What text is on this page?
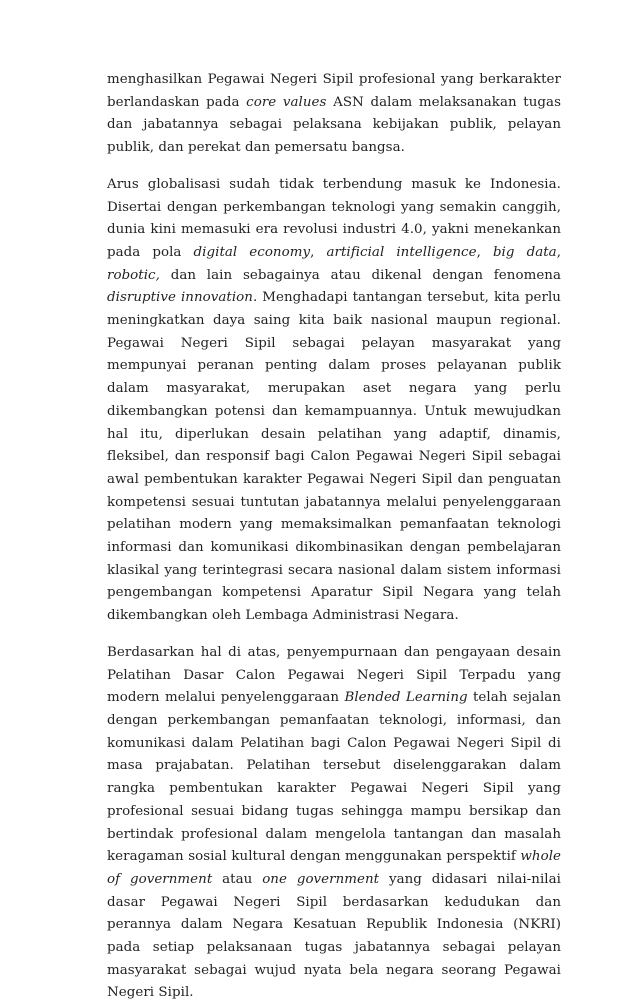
menghasilkan Pegawai Negeri Sipil profesional yang berkarakter berlandaskan pada core values ASN dalam melaksanakan tugas dan jabatannya sebagai pelaksana kebijakan publik, pelayan publik, dan perekat dan pemersatu bangsa.

Arus globalisasi sudah tidak terbendung masuk ke Indonesia. Disertai dengan perkembangan teknologi yang semakin canggih, dunia kini memasuki era revolusi industri 4.0, yakni menekankan pada pola digital economy, artificial intelligence, big data, robotic, dan lain sebagainya atau dikenal dengan fenomena disruptive innovation. Menghadapi tantangan tersebut, kita perlu meningkatkan daya saing kita baik nasional maupun regional. Pegawai Negeri Sipil sebagai pelayan masyarakat yang mempunyai peranan penting dalam proses pelayanan publik dalam masyarakat, merupakan aset negara yang perlu dikembangkan potensi dan kemampuannya. Untuk mewujudkan hal itu, diperlukan desain pelatihan yang adaptif, dinamis, fleksibel, dan responsif bagi Calon Pegawai Negeri Sipil sebagai awal pembentukan karakter Pegawai Negeri Sipil dan penguatan kompetensi sesuai tuntutan jabatannya melalui penyelenggaraan pelatihan modern yang memaksimalkan pemanfaatan teknologi informasi dan komunikasi dikombinasikan dengan pembelajaran klasikal yang terintegrasi secara nasional dalam sistem informasi pengembangan kompetensi Aparatur Sipil Negara yang telah dikembangkan oleh Lembaga Administrasi Negara.

Berdasarkan hal di atas, penyempurnaan dan pengayaan desain Pelatihan Dasar Calon Pegawai Negeri Sipil Terpadu yang modern melalui penyelenggaraan Blended Learning telah sejalan dengan perkembangan pemanfaatan teknologi, informasi, dan komunikasi dalam Pelatihan bagi Calon Pegawai Negeri Sipil di masa prajabatan. Pelatihan tersebut diselenggarakan dalam rangka pembentukan karakter Pegawai Negeri Sipil yang profesional sesuai bidang tugas sehingga mampu bersikap dan bertindak profesional dalam mengelola tantangan dan masalah keragaman sosial kultural dengan menggunakan perspektif whole of government atau one government yang didasari nilai-nilai dasar Pegawai Negeri Sipil berdasarkan kedudukan dan perannya dalam Negara Kesatuan Republik Indonesia (NKRI) pada setiap pelaksanaan tugas jabatannya sebagai pelayan masyarakat sebagai wujud nyata bela negara seorang Pegawai Negeri Sipil.
